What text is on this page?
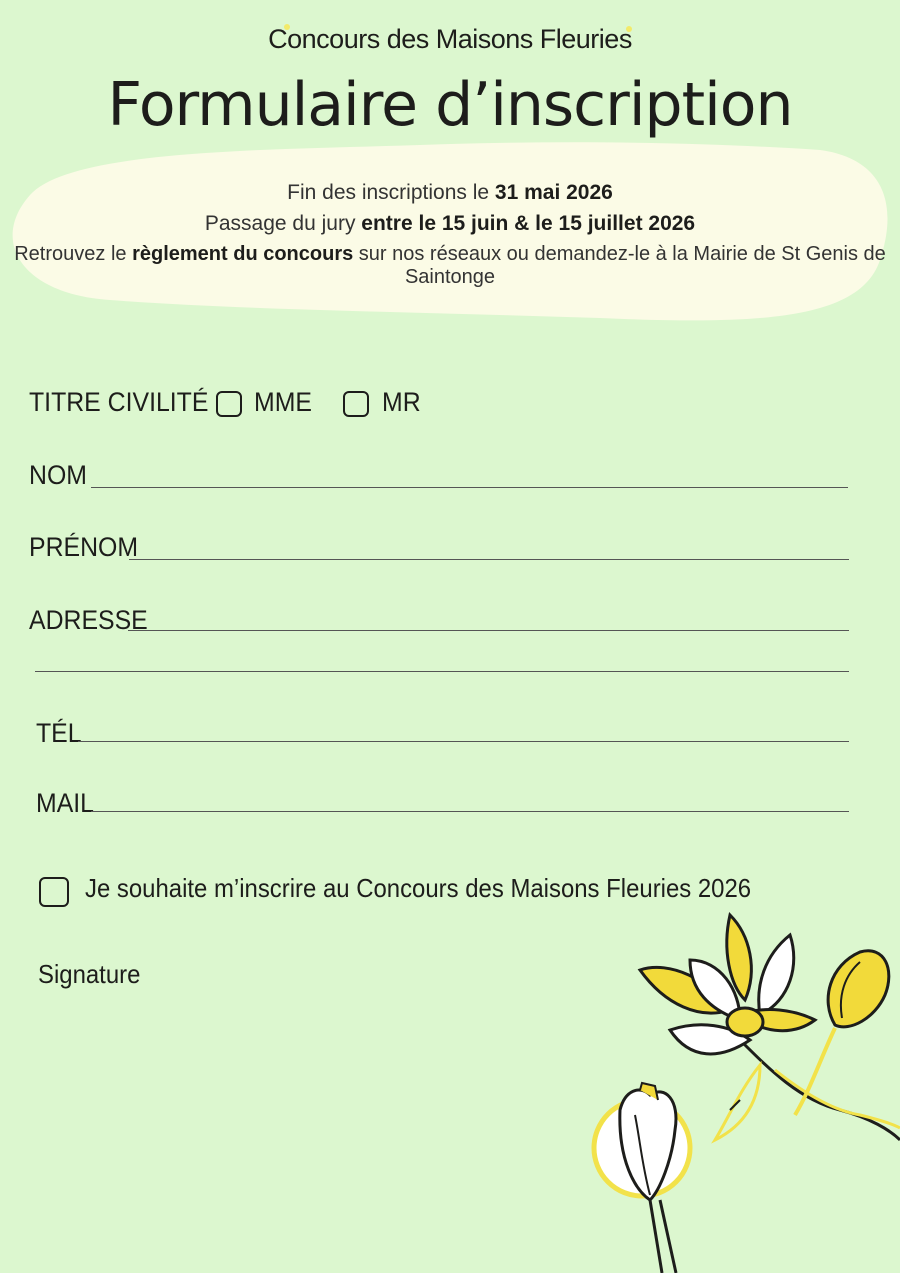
Concours des Maisons Fleuries
Formulaire d’inscription
Fin des inscriptions le 31 mai 2026
Passage du jury entre le 15 juin & le 15 juillet 2026
Retrouvez le règlement du concours sur nos réseaux ou demandez-le à la Mairie de St Genis de Saintonge
TITRE CIVILITÉ MME	MR
NOM
PRÉNOM
ADRESSE
TÉL
MAIL
Je souhaite m’inscrire au Concours des Maisons Fleuries 2026
Signature
